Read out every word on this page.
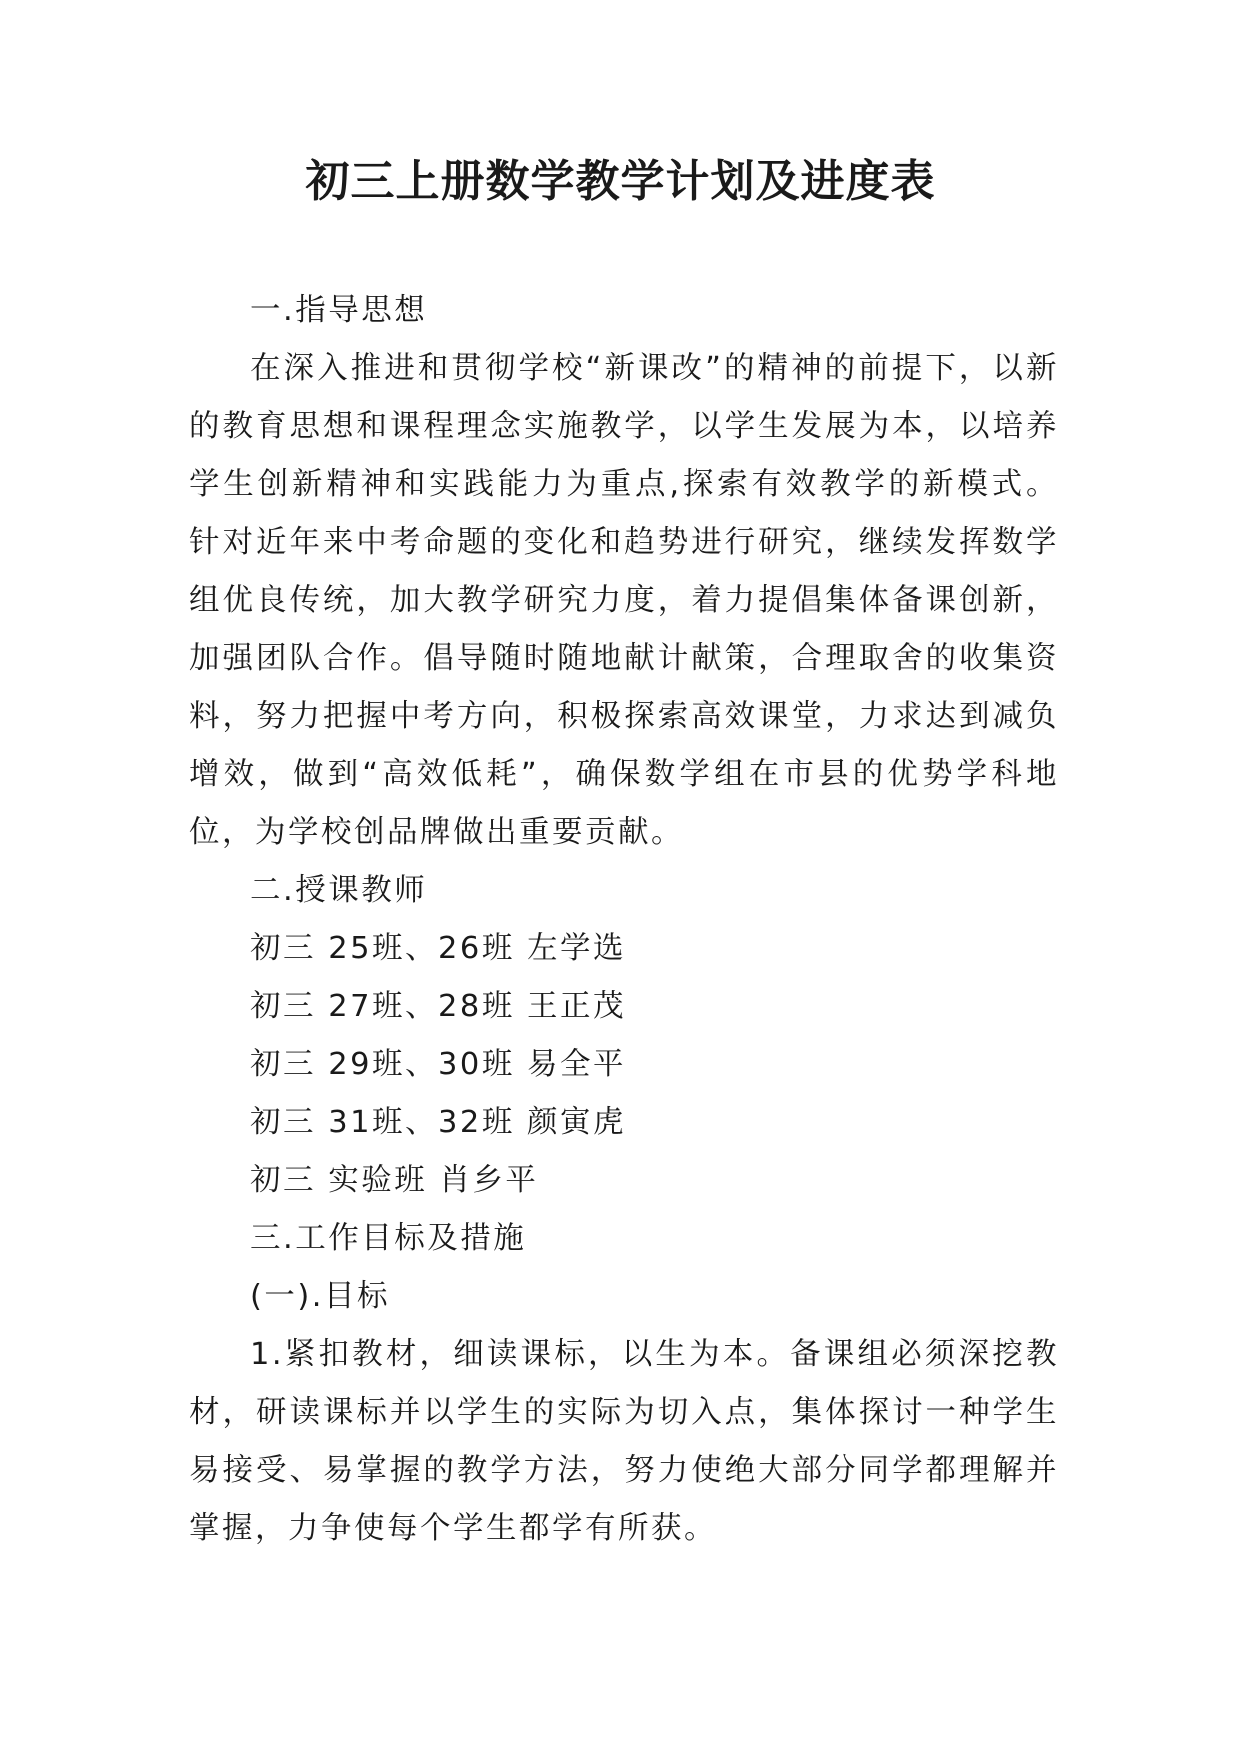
初三上册数学教学计划及进度表

一.指导思想

在深入推进和贯彻学校“新课改”的精神的前提下，以新的教育思想和课程理念实施教学，以学生发展为本，以培养学生创新精神和实践能力为重点,探索有效教学的新模式。针对近年来中考命题的变化和趋势进行研究，继续发挥数学组优良传统，加大教学研究力度，着力提倡集体备课创新，加强团队合作。倡导随时随地献计献策，合理取舍的收集资料，努力把握中考方向，积极探索高效课堂，力求达到减负增效，做到“高效低耗”，确保数学组在市县的优势学科地位，为学校创品牌做出重要贡献。

二.授课教师

初三 25班、26班 左学选

初三 27班、28班 王正茂

初三 29班、30班 易全平

初三 31班、32班 颜寅虎

初三 实验班 肖乡平

三.工作目标及措施

(一).目标

1.紧扣教材，细读课标，以生为本。备课组必须深挖教材，研读课标并以学生的实际为切入点，集体探讨一种学生易接受、易掌握的教学方法，努力使绝大部分同学都理解并掌握，力争使每个学生都学有所获。
